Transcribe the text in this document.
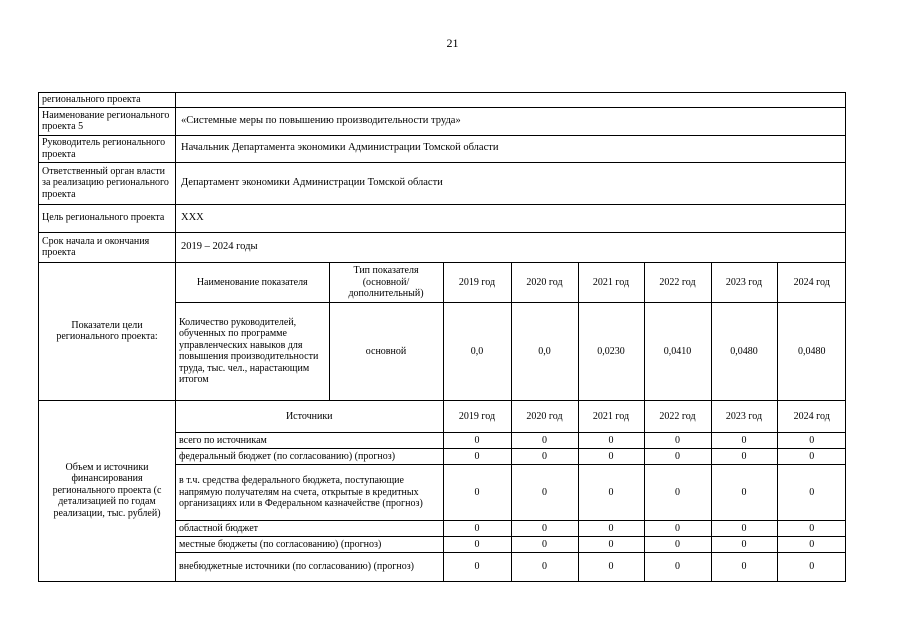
21
регионального проекта	
Наименование регионального проекта 5	«Системные меры по повышению производительности труда»
Руководитель регионального проекта	Начальник Департамента экономики Администрации Томской области
Ответственный орган власти за реализацию регионального проекта	Департамент экономики Администрации Томской области
Цель регионального проекта	ХХХ
Срок начала и окончания проекта	2019 – 2024 годы
Показатели цели регионального проекта:	
Наименование показателя	Тип показателя (основной/ дополнительный)	2019 год	2020 год	2021 год	2022 год	2023 год	2024 год
Количество руководителей, обученных по программе управленческих навыков для повышения производительности труда, тыс. чел., нарастающим итогом	основной	0,0	0,0	0,0230	0,0410	0,0480	0,0480

Объем и источники финансирования регионального проекта (с детализацией по годам реализации, тыс. рублей)	
Источники	2019 год	2020 год	2021 год	2022 год	2023 год	2024 год
всего по источникам	0	0	0	0	0	0
федеральный бюджет (по согласованию) (прогноз)	0	0	0	0	0	0
в т.ч. средства федерального бюджета, поступающие напрямую получателям на счета, открытые в кредитных организациях или в Федеральном казначействе (прогноз)	0	0	0	0	0	0
областной бюджет	0	0	0	0	0	0
местные бюджеты (по согласованию) (прогноз)	0	0	0	0	0	0
внебюджетные источники (по согласованию) (прогноз)	0	0	0	0	0	0
